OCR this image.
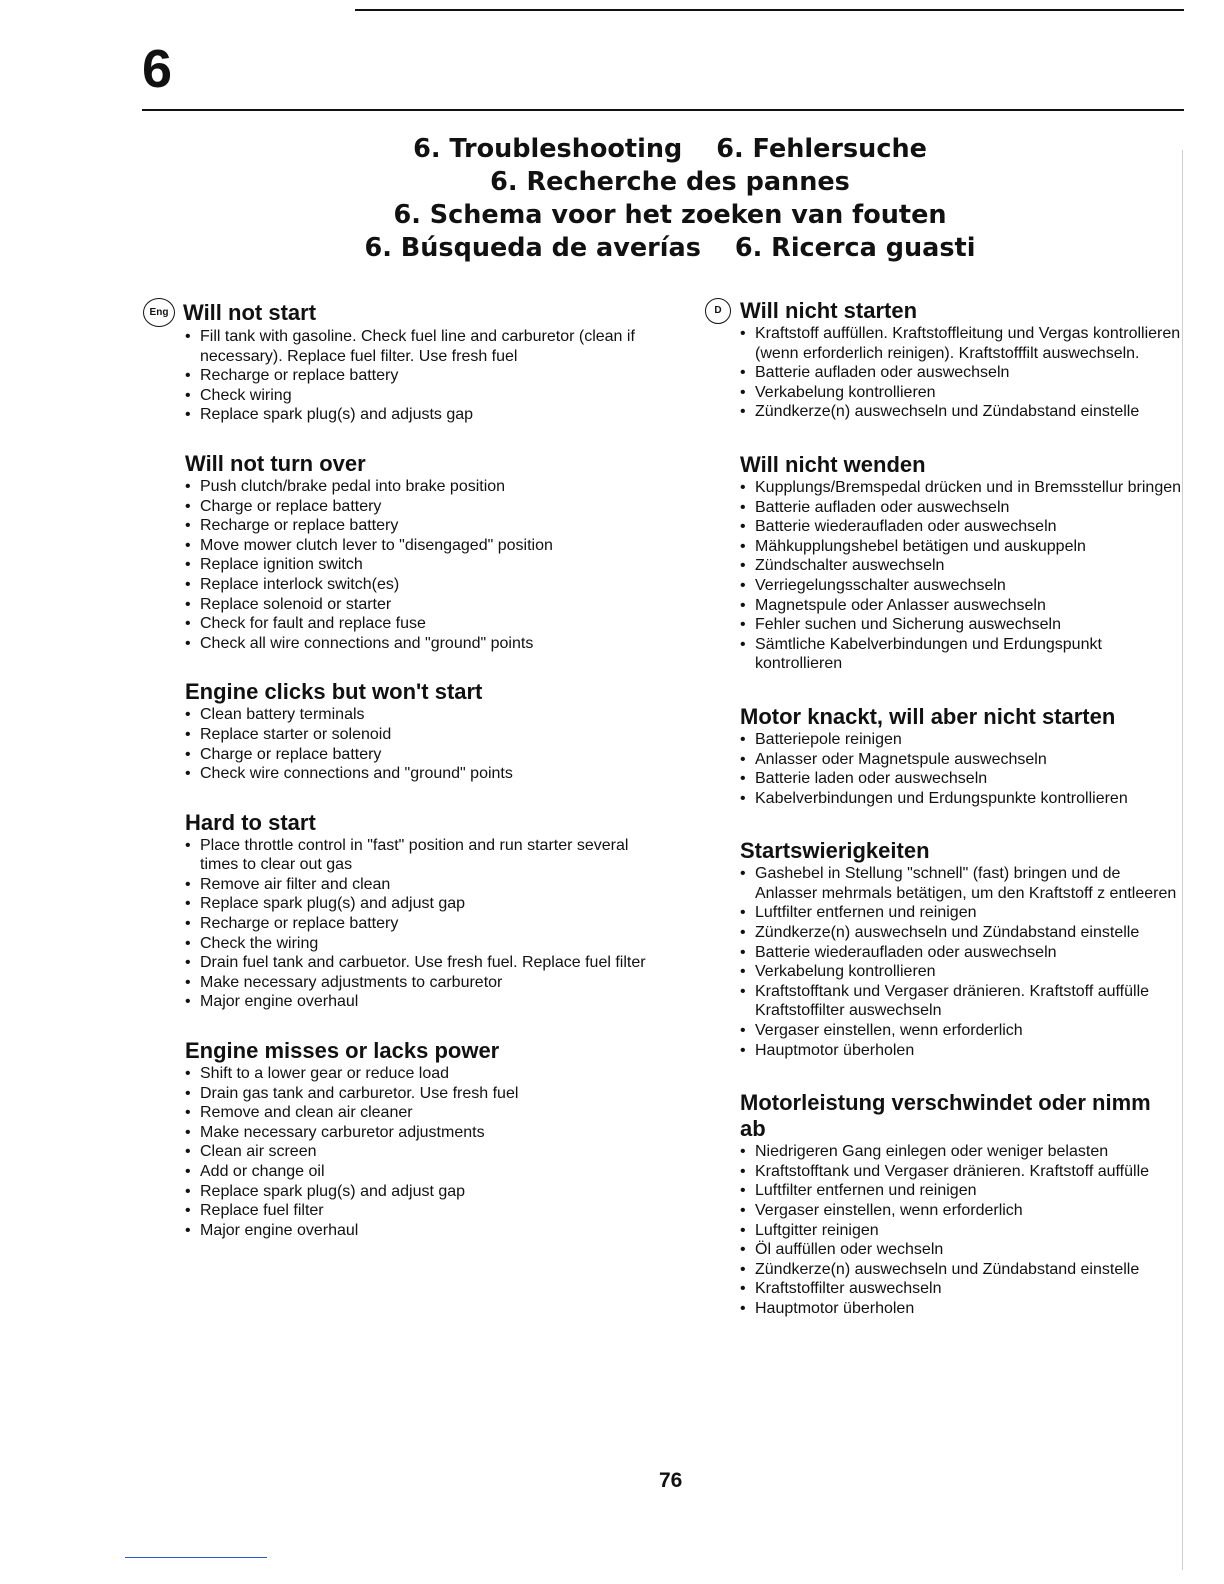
6
6. Troubleshooting 6. Fehlersuche
6. Recherche des pannes
6. Schema voor het zoeken van fouten
6. Búsqueda de averías 6. Ricerca guasti
Eng Will not start
• Fill tank with gasoline. Check fuel line and carburetor (clean if necessary). Replace fuel filter. Use fresh fuel
• Recharge or replace battery
• Check wiring
• Replace spark plug(s) and adjusts gap
Will not turn over
• Push clutch/brake pedal into brake position
• Charge or replace battery
• Recharge or replace battery
• Move mower clutch lever to "disengaged" position
• Replace ignition switch
• Replace interlock switch(es)
• Replace solenoid or starter
• Check for fault and replace fuse
• Check all wire connections and "ground" points
Engine clicks but won't start
• Clean battery terminals
• Replace starter or solenoid
• Charge or replace battery
• Check wire connections and "ground" points
Hard to start
• Place throttle control in "fast" position and run starter several times to clear out gas
• Remove air filter and clean
• Replace spark plug(s) and adjust gap
• Recharge or replace battery
• Check the wiring
• Drain fuel tank and carbuetor. Use fresh fuel. Replace fuel filter
• Make necessary adjustments to carburetor
• Major engine overhaul
Engine misses or lacks power
• Shift to a lower gear or reduce load
• Drain gas tank and carburetor. Use fresh fuel
• Remove and clean air cleaner
• Make necessary carburetor adjustments
• Clean air screen
• Add or change oil
• Replace spark plug(s) and adjust gap
• Replace fuel filter
• Major engine overhaul
D Will nicht starten
• Kraftstoff auffüllen. Kraftstoffleitung und Vergas kontrollieren (wenn erforderlich reinigen). Kraftstofffilt auswechseln.
• Batterie aufladen oder auswechseln
• Verkabelung kontrollieren
• Zündkerze(n) auswechseln und Zündabstand einstelle
Will nicht wenden
• Kupplungs/Bremspedal drücken und in Bremsstellur bringen
• Batterie aufladen oder auswechseln
• Batterie wiederaufladen oder auswechseln
• Mähkupplungshebel betätigen und auskuppeln
• Zündschalter auswechseln
• Verriegelungsschalter auswechseln
• Magnetspule oder Anlasser auswechseln
• Fehler suchen und Sicherung auswechseln
• Sämtliche Kabelverbindungen und Erdungspunkt kontrollieren
Motor knackt, will aber nicht starten
• Batteriepole reinigen
• Anlasser oder Magnetspule auswechseln
• Batterie laden oder auswechseln
• Kabelverbindungen und Erdungspunkte kontrollieren
Startswierigkeiten
• Gashebel in Stellung "schnell" (fast) bringen und de Anlasser mehrmals betätigen, um den Kraftstoff z entleeren
• Luftfilter entfernen und reinigen
• Zündkerze(n) auswechseln und Zündabstand einstelle
• Batterie wiederaufladen oder auswechseln
• Verkabelung kontrollieren
• Kraftstofftank und Vergaser dränieren. Kraftstoff auffülle Kraftstoffilter auswechseln
• Vergaser einstellen, wenn erforderlich
• Hauptmotor überholen
Motorleistung verschwindet oder nimm ab
• Niedrigeren Gang einlegen oder weniger belasten
• Kraftstofftank und Vergaser dränieren. Kraftstoff auffülle
• Luftfilter entfernen und reinigen
• Vergaser einstellen, wenn erforderlich
• Luftgitter reinigen
• Öl auffüllen oder wechseln
• Zündkerze(n) auswechseln und Zündabstand einstelle
• Kraftstoffilter auswechseln
• Hauptmotor überholen
76
